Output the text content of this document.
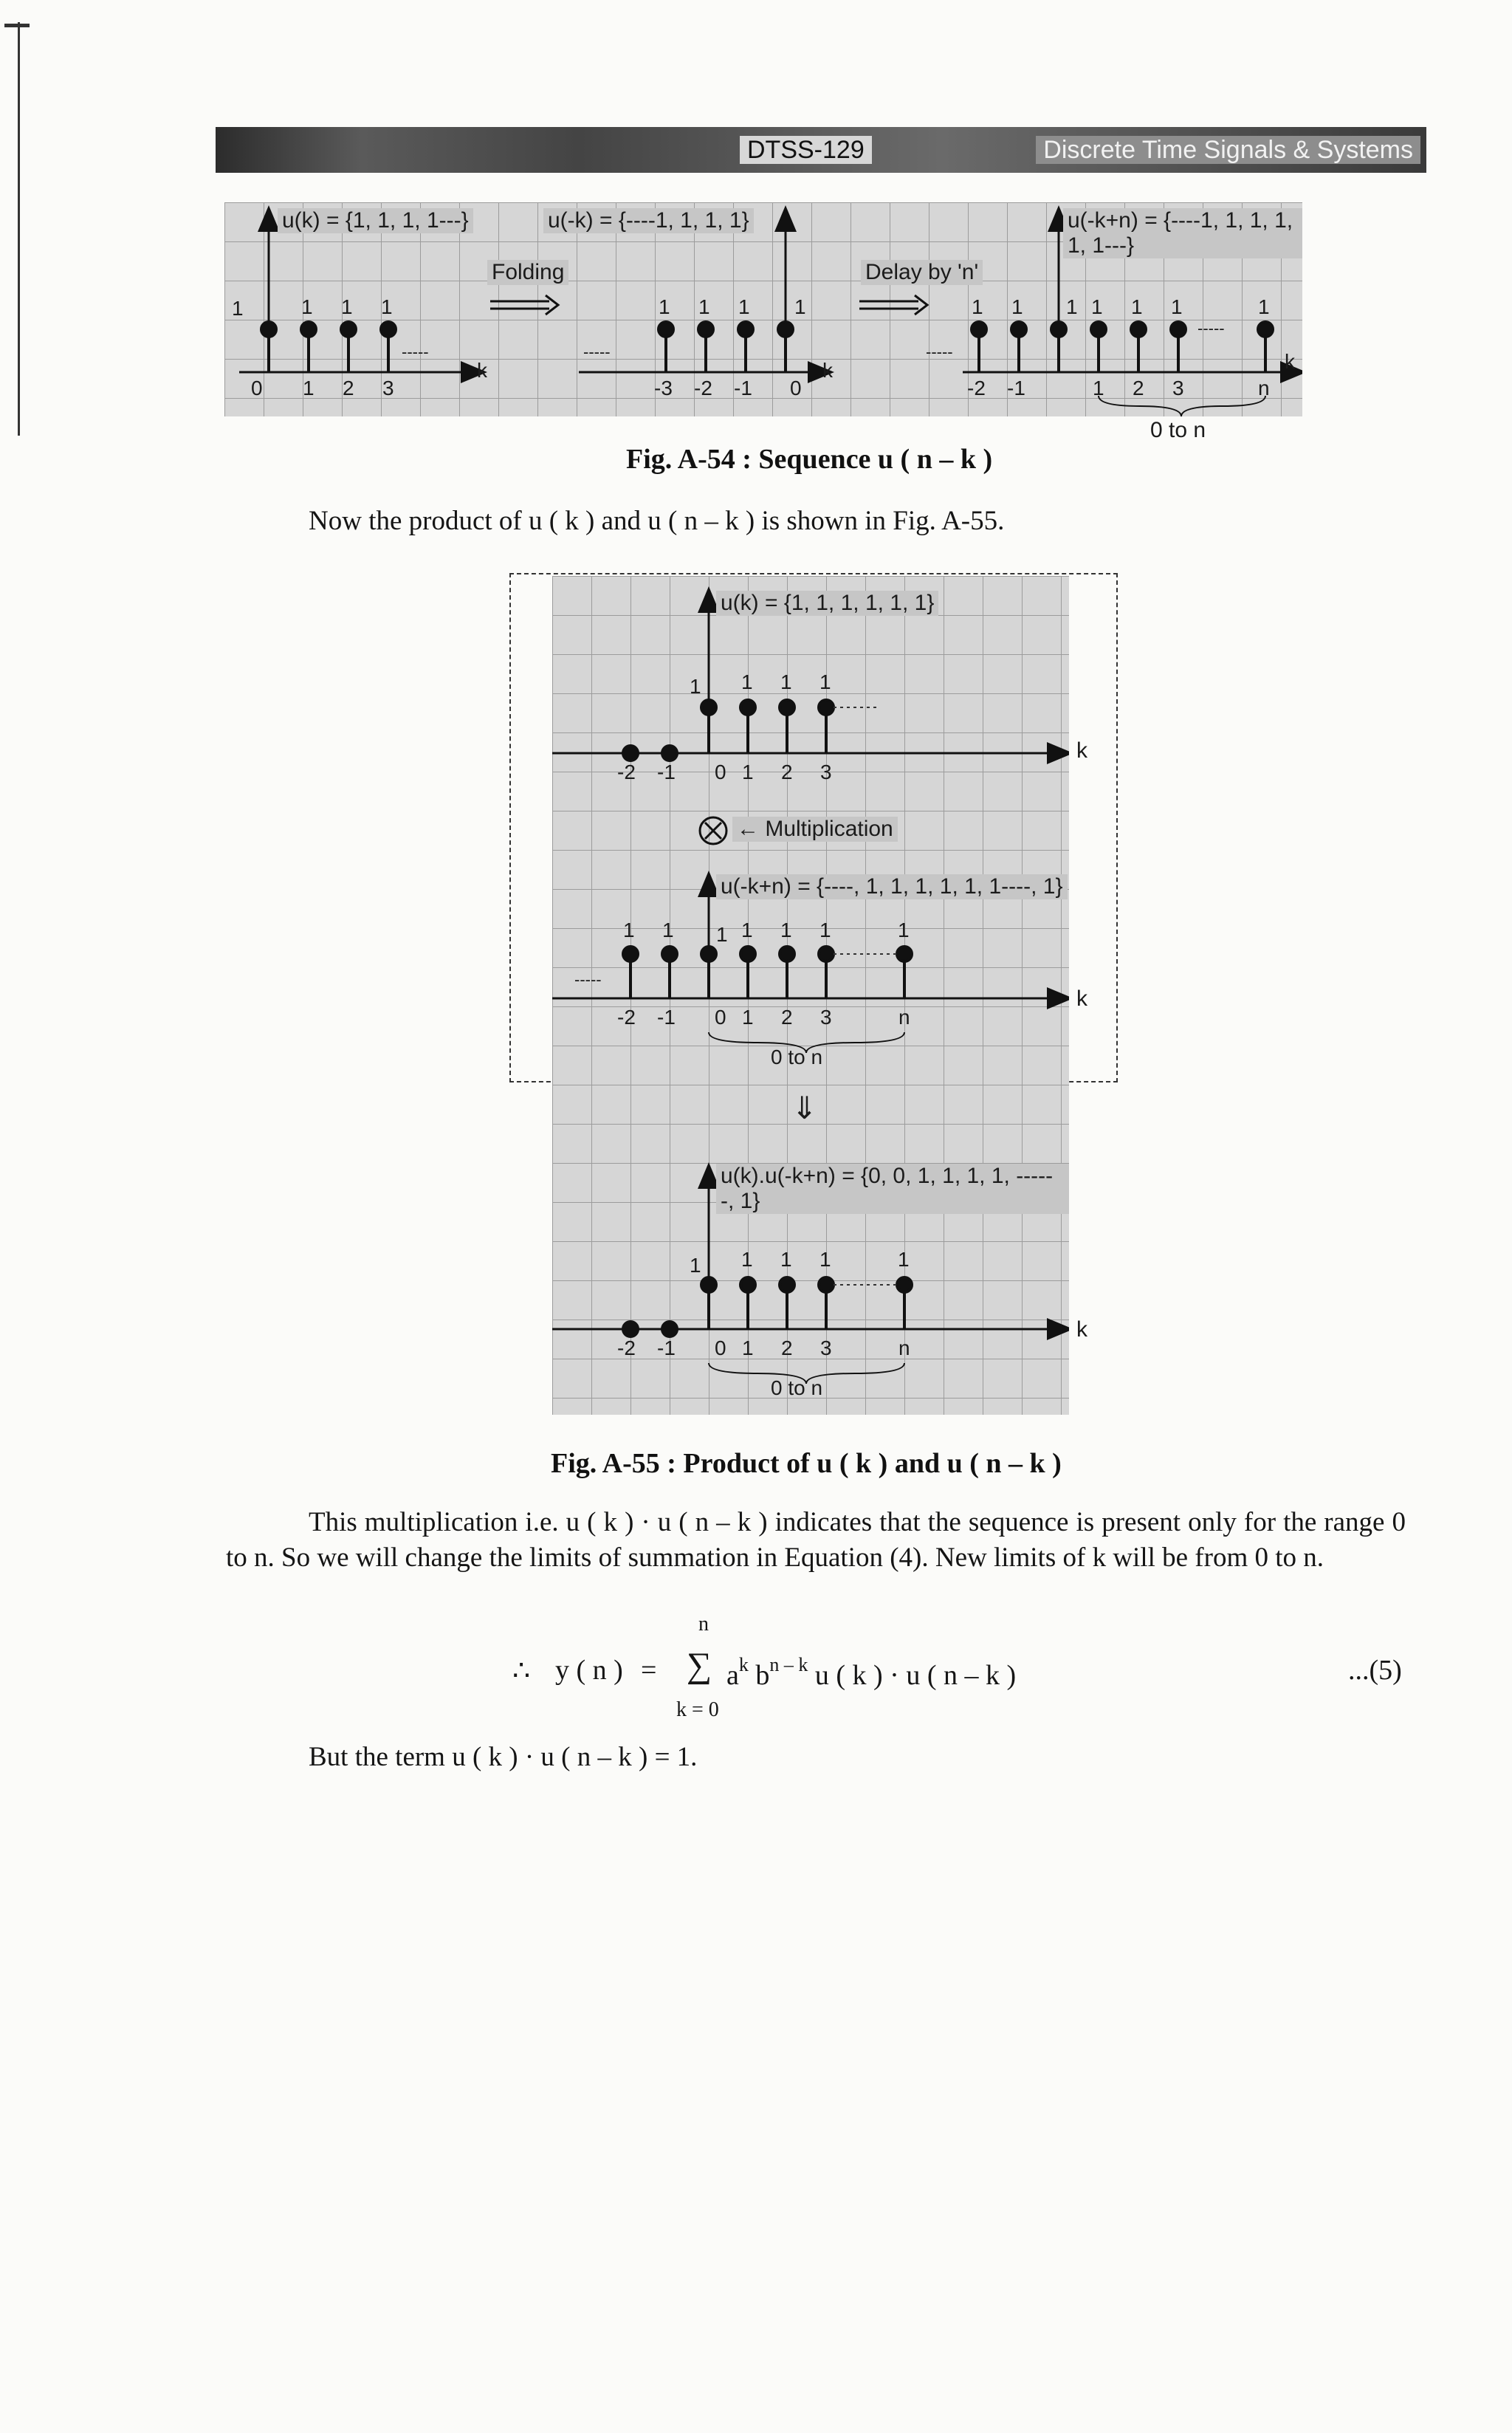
DTSS-129	Discrete Time Signals & Systems
u(k) = {1, 1, 1, 1---}
1	1 1 1
-----
0 1 2 3
k
Folding
u(-k) = {----1, 1, 1, 1}
1 1 1 1
-----
-3 -2 -1 0
k
Delay by 'n'
u(-k+n) = {----1, 1, 1, 1, 1, 1---}
1 1 1 1 1 1	1
-----
-----
-2 -1	1 2 3	n
k
0 to n
Fig. A-54 : Sequence u ( n – k )
Now the product of u ( k ) and u ( n – k ) is shown in Fig. A-55.
u(k) = {1, 1, 1, 1, 1, 1}
1 1 1 1
-2 -1 0 1 2 3
← Multiplication
u(-k+n) = {----, 1, 1, 1, 1, 1, 1----, 1}
1 1 1 1 1 1	1
-----
-2 -1 0 1 2 3	n
0 to n
⇓
u(k).u(-k+n) = {0, 0, 1, 1, 1, 1, ------, 1}
1 1 1 1	1
-2 -1 0 1 2 3	n
0 to n
k
k
k
Fig. A-55 : Product of u ( k ) and u ( n – k )
This multiplication i.e. u ( k ) · u ( n – k ) indicates that the sequence is present only for the range 0 to n. So we will change the limits of summation in Equation (4). New limits of k will be from 0 to n.
n
∴ y ( n ) = ∑ $a^k$ $b^{n - k}$ u ( k ) · u ( n – k )	...(5)
k = 0
But the term u ( k ) · u ( n – k ) = 1.
